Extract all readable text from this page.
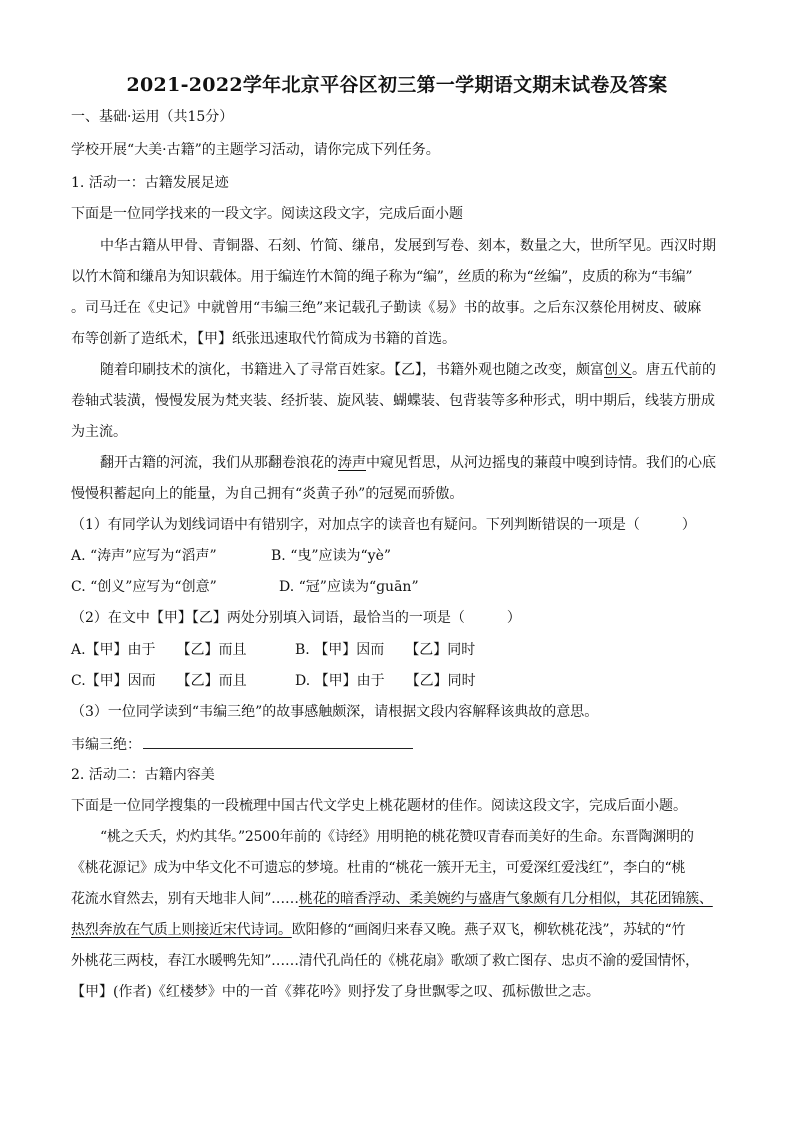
2021-2022学年北京平谷区初三第一学期语文期末试卷及答案
一、基础·运用（共15分）
学校开展“大美·古籍”的主题学习活动，请你完成下列任务。
1. 活动一：古籍发展足迹
下面是一位同学找来的一段文字。阅读这段文字，完成后面小题
中华古籍从甲骨、青铜器、石刻、竹简、缣帛，发展到写卷、刻本，数量之大，世所罕见。西汉时期
以竹木简和缣帛为知识载体。用于编连竹木简的绳子称为“编”，丝质的称为“丝编”，皮质的称为“韦编”
。司马迁在《史记》中就曾用“韦编三绝”来记载孔子勤读《易》书的故事。之后东汉蔡伦用树皮、破麻
布等创新了造纸术，【甲】纸张迅速取代竹简成为书籍的首选。
随着印刷技术的演化，书籍进入了寻常百姓家。【乙】，书籍外观也随之改变，颇富创义。唐五代前的
卷轴式装潢，慢慢发展为梵夹装、经折装、旋风装、蝴蝶装、包背装等多种形式，明中期后，线装方册成
为主流。
翻开古籍的河流，我们从那翻卷浪花的涛声中窥见哲思，从河边摇曳的蒹葭中嗅到诗情。我们的心底
慢慢积蓄起向上的能量，为自己拥有“炎黄子孙”的冠冕而骄傲。
（1）有同学认为划线词语中有错别字，对加点字的读音也有疑问。下列判断错误的一项是（　　　）
A. “涛声”应写为“滔声”	B. “曳”应读为“yè”
C. “创义”应写为“创意”	D. “冠”应读为“ɡuān”
（2）在文中【甲】【乙】两处分别填入词语，最恰当的一项是（　　　）
A.【甲】由于　　【乙】而且	B. 【甲】因而　　【乙】同时
C.【甲】因而　　【乙】而且	D. 【甲】由于　　【乙】同时
（3）一位同学读到“韦编三绝”的故事感触颇深，请根据文段内容解释该典故的意思。
韦编三绝：
2. 活动二：古籍内容美
下面是一位同学搜集的一段梳理中国古代文学史上桃花题材的佳作。阅读这段文字，完成后面小题。
“桃之夭夭，灼灼其华。”2500年前的《诗经》用明艳的桃花赞叹青春而美好的生命。东晋陶渊明的
《桃花源记》成为中华文化不可遗忘的梦境。杜甫的“桃花一簇开无主，可爱深红爱浅红”，李白的“桃
花流水窅然去，别有天地非人间”……桃花的暗香浮动、柔美婉约与盛唐气象颇有几分相似，其花团锦簇、
热烈奔放在气质上则接近宋代诗词。欧阳修的“画阁归来春又晚。燕子双飞，柳软桃花浅”，苏轼的“竹
外桃花三两枝，春江水暖鸭先知”……清代孔尚任的《桃花扇》歌颂了救亡图存、忠贞不渝的爱国情怀，
【甲】(作者)《红楼梦》中的一首《葬花吟》则抒发了身世飘零之叹、孤标傲世之志。
